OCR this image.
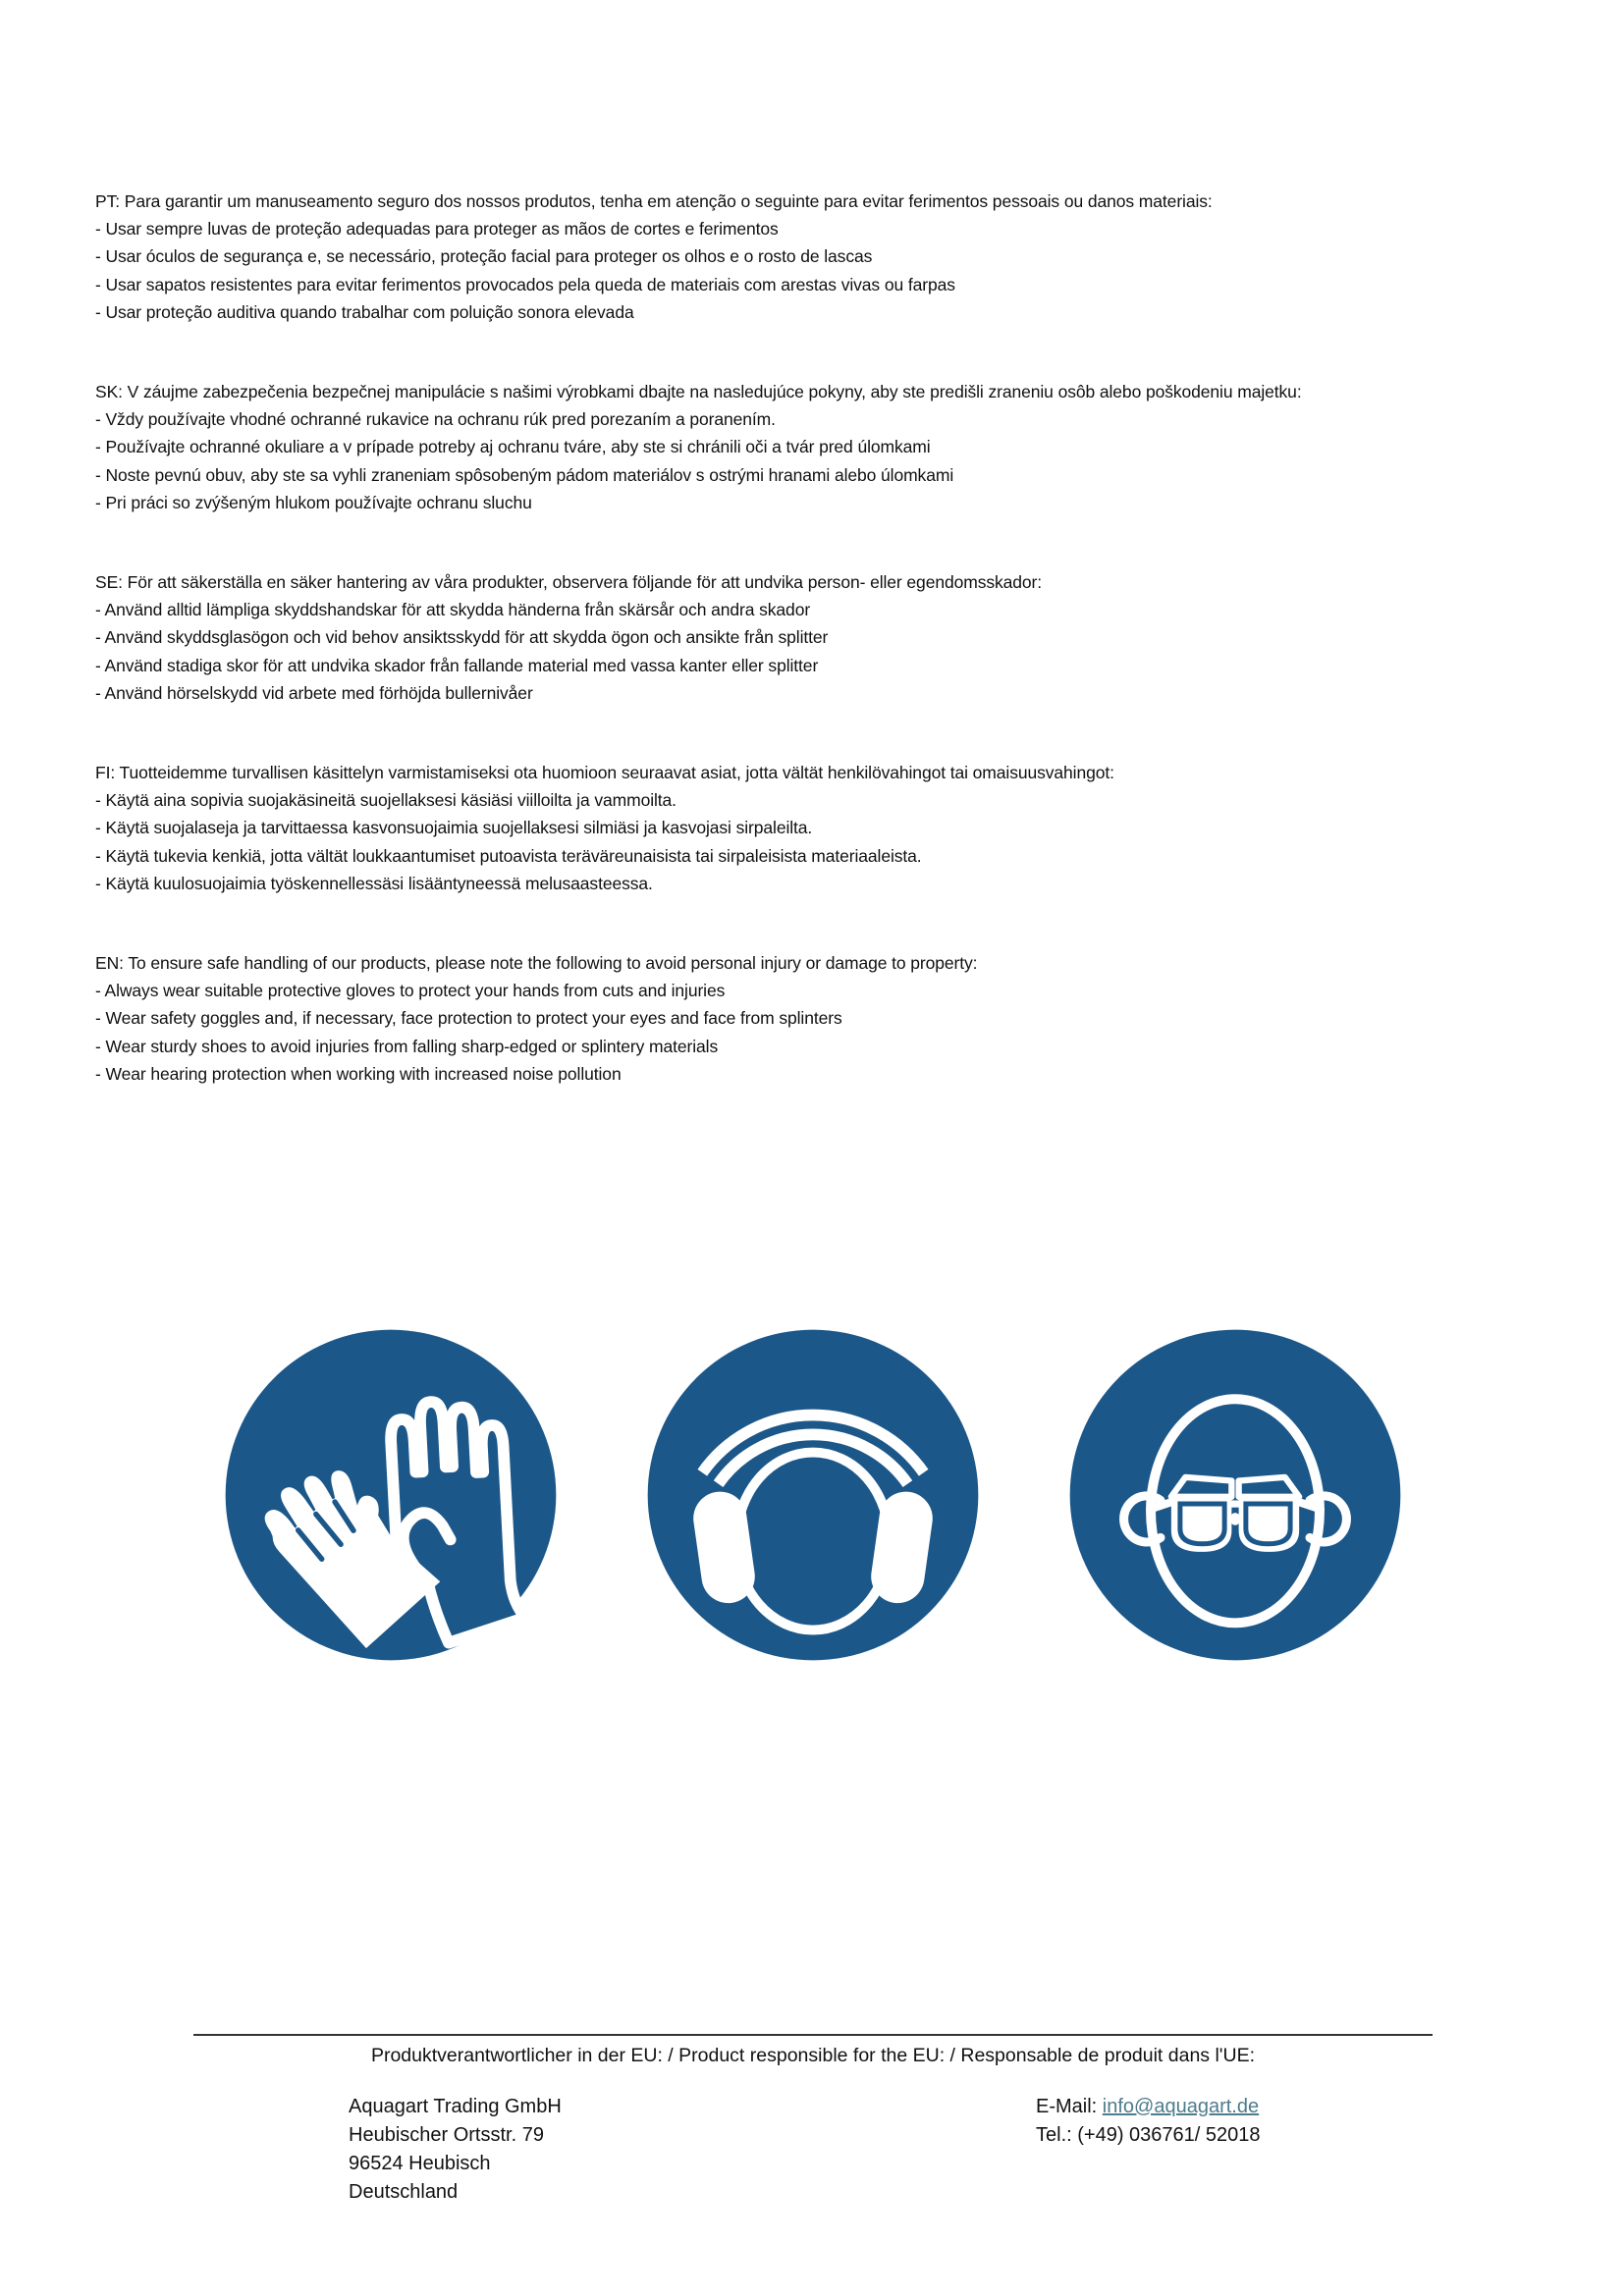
PT: Para garantir um manuseamento seguro dos nossos produtos, tenha em atenção o seguinte para evitar ferimentos pessoais ou danos materiais:

- Usar sempre luvas de proteção adequadas para proteger as mãos de cortes e ferimentos

- Usar óculos de segurança e, se necessário, proteção facial para proteger os olhos e o rosto de lascas

- Usar sapatos resistentes para evitar ferimentos provocados pela queda de materiais com arestas vivas ou farpas

- Usar proteção auditiva quando trabalhar com poluição sonora elevada

SK: V záujme zabezpečenia bezpečnej manipulácie s našimi výrobkami dbajte na nasledujúce pokyny, aby ste predišli zraneniu osôb alebo poškodeniu majetku:

- Vždy používajte vhodné ochranné rukavice na ochranu rúk pred porezaním a poranením.

- Používajte ochranné okuliare a v prípade potreby aj ochranu tváre, aby ste si chránili oči a tvár pred úlomkami

- Noste pevnú obuv, aby ste sa vyhli zraneniam spôsobeným pádom materiálov s ostrými hranami alebo úlomkami

- Pri práci so zvýšeným hlukom používajte ochranu sluchu

SE: För att säkerställa en säker hantering av våra produkter, observera följande för att undvika person- eller egendomsskador:

- Använd alltid lämpliga skyddshandskar för att skydda händerna från skärsår och andra skador

- Använd skyddsglasögon och vid behov ansiktsskydd för att skydda ögon och ansikte från splitter

- Använd stadiga skor för att undvika skador från fallande material med vassa kanter eller splitter

- Använd hörselskydd vid arbete med förhöjda bullernivåer

FI: Tuotteidemme turvallisen käsittelyn varmistamiseksi ota huomioon seuraavat asiat, jotta vältät henkilövahingot tai omaisuusvahingot:

- Käytä aina sopivia suojakäsineitä suojellaksesi käsiäsi viilloilta ja vammoilta.

- Käytä suojalaseja ja tarvittaessa kasvonsuojaimia suojellaksesi silmiäsi ja kasvojasi sirpaleilta.

- Käytä tukevia kenkiä, jotta vältät loukkaantumiset putoavista teräväreunaisista tai sirpaleisista materiaaleista.

- Käytä kuulosuojaimia työskennellessäsi lisääntyneessä melusaasteessa.

EN: To ensure safe handling of our products, please note the following to avoid personal injury or damage to property:

- Always wear suitable protective gloves to protect your hands from cuts and injuries

- Wear safety goggles and, if necessary, face protection to protect your eyes and face from splinters

- Wear sturdy shoes to avoid injuries from falling sharp-edged or splintery materials

- Wear hearing protection when working with increased noise pollution

Produktverantwortlicher in der EU: / Product responsible for the EU: / Responsable de produit dans l'UE:

Aquagart Trading GmbH

Heubischer Ortsstr. 79

96524 Heubisch

Deutschland

E-Mail: info@aquagart.de

Tel.: (+49) 036761/ 52018
